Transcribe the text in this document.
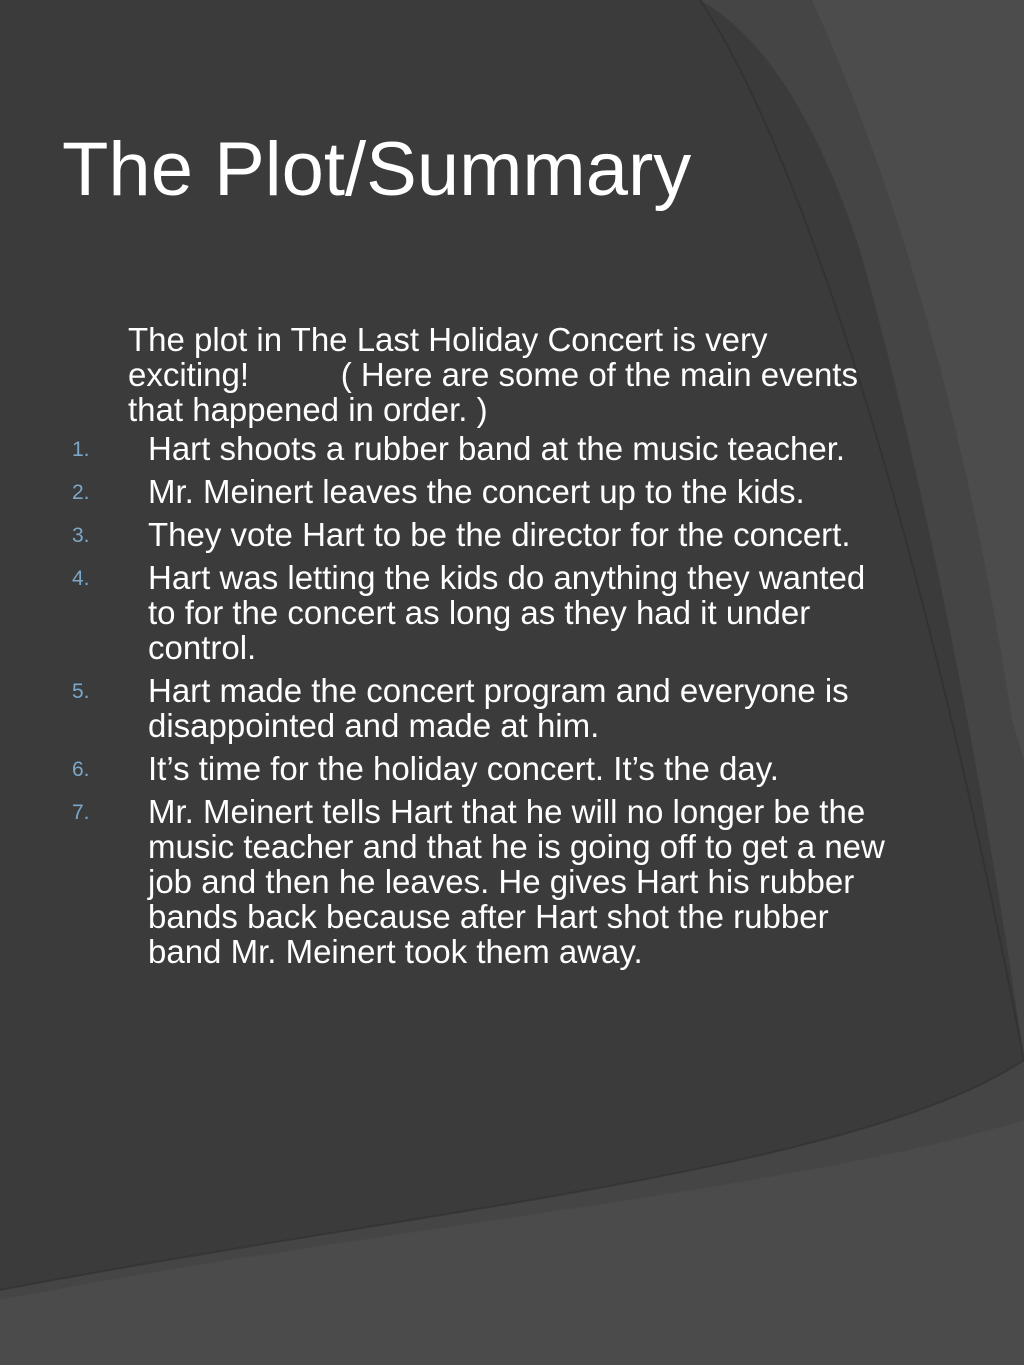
The Plot/Summary

The plot in The Last Holiday Concert is very exciting!          ( Here are some of the main events that happened in order. )

1. Hart shoots a rubber band at the music teacher.
2. Mr. Meinert leaves the concert up to the kids.
3. They vote Hart to be the director for the concert.
4. Hart was letting the kids do anything they wanted to for the concert as long as they had it under control.
5. Hart made the concert program and everyone is disappointed and made at him.
6. It’s time for the holiday concert. It’s the day.
7. Mr. Meinert tells Hart that he will no longer be the music teacher and that he is going off to get a new job and then he leaves. He gives Hart his rubber bands back because after Hart shot the rubber band Mr. Meinert took them away.
